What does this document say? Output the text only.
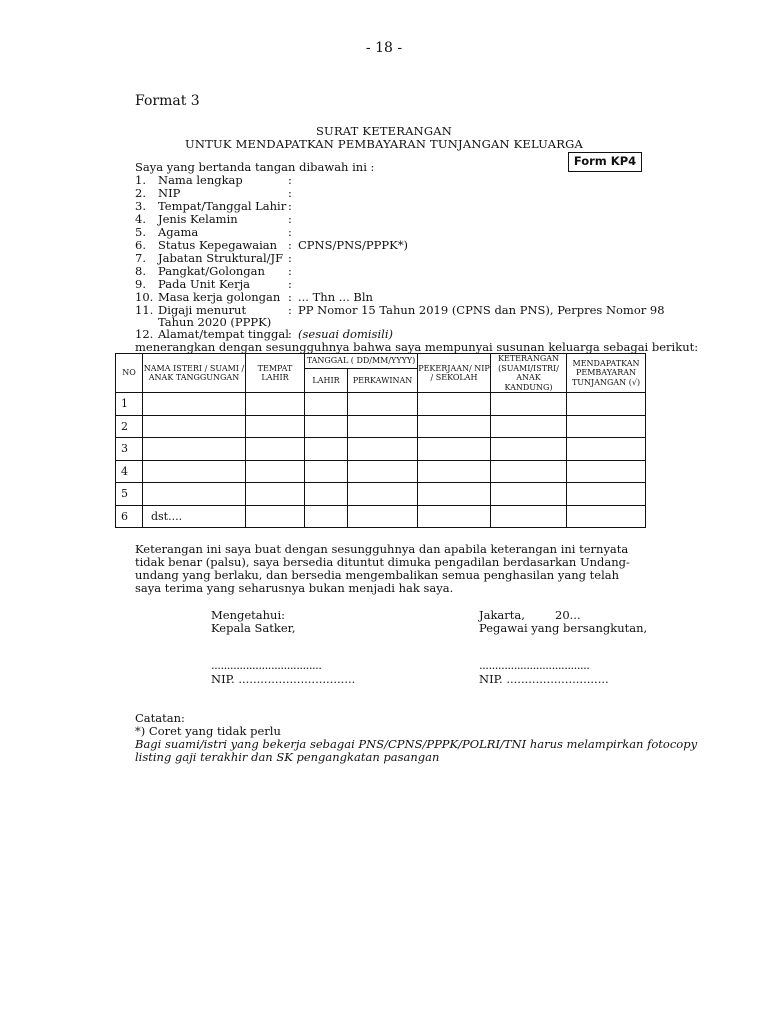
- 18 -
Format 3
SURAT KETERANGAN
UNTUK MENDAPATKAN PEMBAYARAN TUNJANGAN KELUARGA
Form KP4
Saya yang bertanda tangan dibawah ini :
1.	Nama lengkap	:
2.	NIP	:
3.	Tempat/Tanggal Lahir :
4.	Jenis Kelamin	:
5.	Agama	:
6.	Status Kepegawaian : CPNS/PNS/PPPK*)
7.	Jabatan Struktural/JF :
8.	Pangkat/Golongan :
9.	Pada Unit Kerja	:
10. Masa kerja golongan : ... Thn ... Bln
11. Digaji menurut	: PP Nomor 15 Tahun 2019 (CPNS dan PNS), Perpres Nomor 98
Tahun 2020 (PPPK)
12. Alamat/tempat tinggal : (sesuai domisili)
menerangkan dengan sesungguhnya bahwa saya mempunyai susunan keluarga sebagai berikut:
NO	NAMA ISTERI / SUAMI / ANAK TANGGUNGAN	TEMPAT LAHIR	TANGGAL ( DD/MM/YYYY)		PEKERJAAN/ NIP / SEKOLAH	KETERANGAN (SUAMI/ISTRI/ ANAK KANDUNG)	MENDAPATKAN PEMBAYARAN TUNJANGAN (√)
			LAHIR	PERKAWINAN			
1							
2							
3							
4							
5							
6	dst....						
Keterangan ini saya buat dengan sesungguhnya dan apabila keterangan ini ternyata tidak benar (palsu), saya bersedia dituntut dimuka pengadilan berdasarkan Undang-undang yang berlaku, dan bersedia mengembalikan semua penghasilan yang telah saya terima yang seharusnya bukan menjadi hak saya.
Mengetahui:
Kepala Satker,
...................................
NIP. ................................
Jakarta,	20...
Pegawai yang bersangkutan,
...................................
NIP. ............................
Catatan:
*) Coret yang tidak perlu
Bagi suami/istri yang bekerja sebagai PNS/CPNS/PPPK/POLRI/TNI harus melampirkan fotocopy
listing gaji terakhir dan SK pengangkatan pasangan
